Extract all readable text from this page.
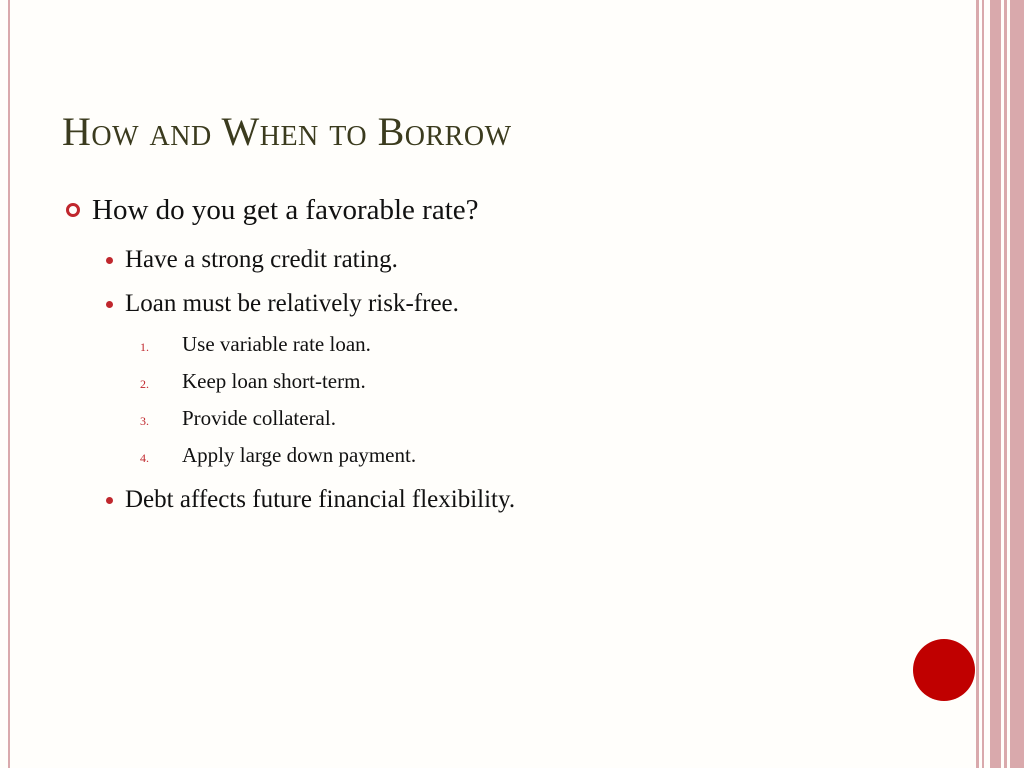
How and When to Borrow
How do you get a favorable rate?
Have a strong credit rating.
Loan must be relatively risk-free.
1.	Use variable rate loan.
2.	Keep loan short-term.
3.	Provide collateral.
4.	Apply large down payment.
Debt affects future financial flexibility.
